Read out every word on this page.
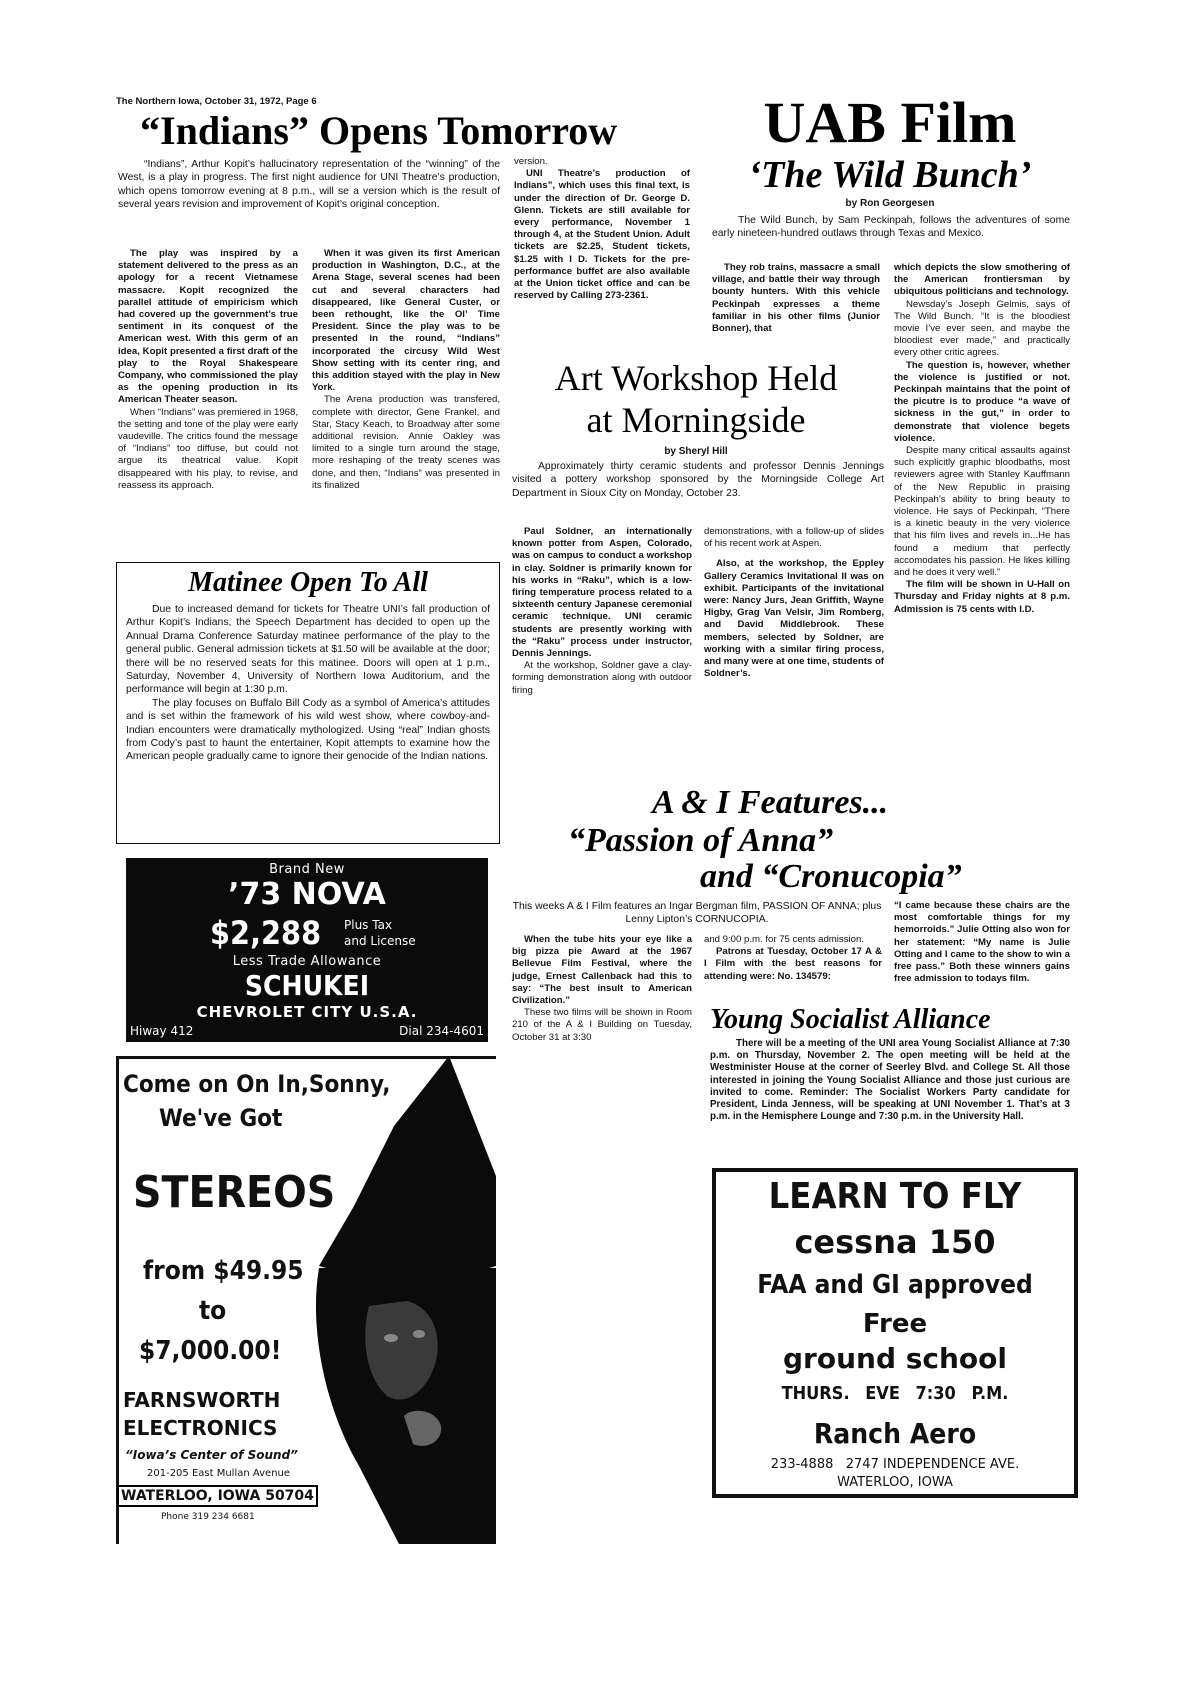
The Northern Iowa, October 31, 1972, Page 6
“Indians” Opens Tomorrow
“Indians”, Arthur Kopit’s hallucinatory representation of the “winning” of the West, is a play in progress. The first night audience for UNI Theatre’s production, which opens tomorrow evening at 8 p.m., will se a version which is the result of several years revision and improvement of Kopit’s original conception.

The play was inspired by a statement delivered to the press as an apology for a recent Vietnamese massacre. Kopit recognized the parallel attitude of empiricism which had covered up the government’s true sentiment in its conquest of the American west. With this germ of an idea, Kopit presented a first draft of the play to the Royal Shakespeare Company, who commissioned the play as the opening production in its American Theater season.

When “Indians” was premiered in 1968, the setting and tone of the play were early vaudeville. The critics found the message of “Indians” too diffuse, but could not argue its theatrical value. Kopit disappeared with his play, to revise, and reassess its approach.

When it was given its first American production in Washington, D.C., at the Arena Stage, several scenes had been cut and several characters had disappeared, like General Custer, or been rethought, like the Ol’ Time President. Since the play was to be presented in the round, “Indians” incorporated the circusy Wild West Show setting with its center ring, and this addition stayed with the play in New York.

The Arena production was transfered, complete with director, Gene Frankel, and Star, Stacy Keach, to Broadway after some additional revision. Annie Oakley was limited to a single turn around the stage, more reshaping of the treaty scenes was done, and then, “Indians” was presented in its finalized

version.

UNI Theatre’s production of Indians”, which uses this final text, is under the direction of Dr. George D. Glenn. Tickets are still available for every performance, November 1 through 4, at the Student Union. Adult tickets are $2.25, Student tickets, $1.25 with I D. Tickets for the pre-performance buffet are also available at the Union ticket office and can be reserved by Calling 273-2361.

UAB Film
‘The Wild Bunch’
by Ron Georgesen
The Wild Bunch, by Sam Peckinpah, follows the adventures of some early nineteen-hundred outlaws through Texas and Mexico.

They rob trains, massacre a small village, and battle their way through bounty hunters. With this vehicle Peckinpah expresses a theme familiar in his other films (Junior Bonner), that

which depicts the slow smothering of the American frontiersman by ubiquitous politicians and technology.

Newsday’s Joseph Gelmis, says of The Wild Bunch. “It is the bloodiest movie I’ve ever seen, and maybe the bloodiest ever made,” and practically every other critic agrees.

The question is, however, whether the violence is justified or not. Peckinpah maintains that the point of the picutre is to produce “a wave of sickness in the gut,” in order to demonstrate that violence begets violence.

Despite many critical assaults against such explicitly graphic bloodbaths, most reviewers agree with Stanley Kauffmann of the New Republic in praising Peckinpah’s ability to bring beauty to violence. He says of Peckinpah, “There is a kinetic beauty in the very violence that his film lives and revels in...He has found a medium that perfectly accomodates his passion. He likes killing and he does it very well.”

The film will be shown in U-Hall on Thursday and Friday nights at 8 p.m. Admission is 75 cents with I.D.

Art Workshop Held
at Morningside
by Sheryl Hill
Approximately thirty ceramic students and professor Dennis Jennings visited a pottery workshop sponsored by the Morningside College Art Department in Sioux City on Monday, October 23.

Paul Soldner, an internationally known potter from Aspen, Colorado, was on campus to conduct a workshop in clay. Soldner is primarily known for his works in “Raku”, which is a low-firing temperature process related to a sixteenth century Japanese ceremonial ceramic technique. UNI ceramic students are presently working with the “Raku” process under instructor, Dennis Jennings.

At the workshop, Soldner gave a clay-forming demonstration along with outdoor firing

demonstrations, with a follow-up of slides of his recent work at Aspen.

Also, at the workshop, the Eppley Gallery Ceramics Invitational II was on exhibit. Participants of the invitational were: Nancy Jurs, Jean Griffith, Wayne Higby, Grag Van Velsir, Jim Romberg, and David Middlebrook. These members, selected by Soldner, are working with a similar firing process, and many were at one time, students of Soldner’s.

Matinee Open To All
Due to increased demand for tickets for Theatre UNI’s fall production of Arthur Kopit’s Indians, the Speech Department has decided to open up the Annual Drama Conference Saturday matinee performance of the play to the general public. General admission tickets at $1.50 will be available at the door; there will be no reserved seats for this matinee. Doors will open at 1 p.m., Saturday, November 4, University of Northern Iowa Auditorium, and the performance will begin at 1:30 p.m.
The play focuses on Buffalo Bill Cody as a symbol of America’s attitudes and is set within the framework of his wild west show, where cowboy-and-Indian encounters were dramatically mythologized. Using “real” Indian ghosts from Cody’s past to haunt the entertainer, Kopit attempts to examine how the American people gradually came to ignore their genocide of the Indian nations.
A & I Features...
“Passion of Anna”
and “Cronucopia”
This weeks A & I Film features an Ingar Bergman film, PASSION OF ANNA; plus Lenny Lipton’s CORNUCOPIA.

When the tube hits your eye like a big pizza pie Award at the 1967 Bellevue Film Festival, where the judge, Ernest Callenback had this to say: “The best insult to American Civilization.”

These two films will be shown in Room 210 of the A & I Building on Tuesday, October 31 at 3:30

and 9:00 p.m. for 75 cents admission.

Patrons at Tuesday, October 17 A & I Film with the best reasons for attending were: No. 134579:

“I came because these chairs are the most comfortable things for my hemorroids.” Julie Otting also won for her statement: “My name is Julie Otting and I came to the show to win a free pass.” Both these winners gains free admission to todays film.

Young Socialist Alliance
There will be a meeting of the UNI area Young Socialist Alliance at 7:30 p.m. on Thursday, November 2. The open meeting will be held at the Westminister House at the corner of Seerley Blvd. and College St. All those interested in joining the Young Socialist Alliance and those just curious are invited to come. Reminder: The Socialist Workers Party candidate for President, Linda Jenness, will be speaking at UNI November 1. That’s at 3 p.m. in the Hemisphere Lounge and 7:30 p.m. in the University Hall.
Brand New
’73 NOVA
$2,288 Plus Tax
and License
Less Trade Allowance
SCHUKEI
CHEVROLET CITY U.S.A.
Hiway 412	Dial 234-4601
Come on On In,Sonny,
We've Got
STEREOS
from $49.95
to
$7,000.00!
FARNSWORTH
ELECTRONICS
“Iowa’s Center of Sound”
201-205 East Mullan Avenue
WATERLOO, IOWA 50704
Phone 319 234 6681
LEARN TO FLY
cessna 150
FAA and GI approved
Free
ground school
THURS. EVE 7:30 P.M.
Ranch Aero
233-4888   2747 INDEPENDENCE AVE.
WATERLOO, IOWA
